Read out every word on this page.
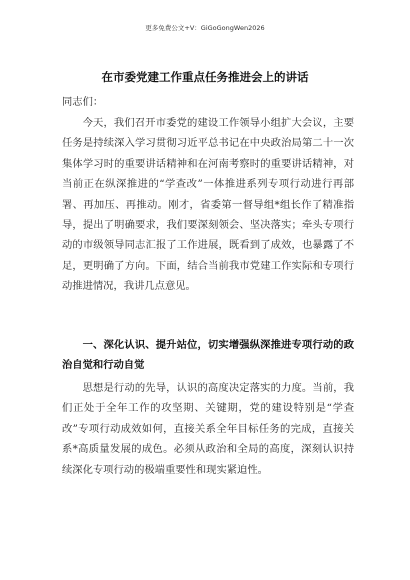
更多免费公文+V：GiGoGongWen2026
在市委党建工作重点任务推进会上的讲话
同志们：

今天，我们召开市委党的建设工作领导小组扩大会议，主要任务是持续深入学习贯彻习近平总书记在中央政治局第二十一次集体学习时的重要讲话精神和在河南考察时的重要讲话精神，对当前正在纵深推进的“学查改”一体推进系列专项行动进行再部署、再加压、再推动。刚才，省委第一督导组*组长作了精准指导，提出了明确要求，我们要深刻领会、坚决落实；牵头专项行动的市级领导同志汇报了工作进展，既看到了成效，也暴露了不足，更明确了方向。下面，结合当前我市党建工作实际和专项行动推进情况，我讲几点意见。

一、深化认识、提升站位，切实增强纵深推进专项行动的政治自觉和行动自觉

思想是行动的先导，认识的高度决定落实的力度。当前，我们正处于全年工作的攻坚期、关键期，党的建设特别是“学查改”专项行动成效如何，直接关系全年目标任务的完成，直接关系*高质量发展的成色。必须从政治和全局的高度，深刻认识持续深化专项行动的极端重要性和现实紧迫性。
